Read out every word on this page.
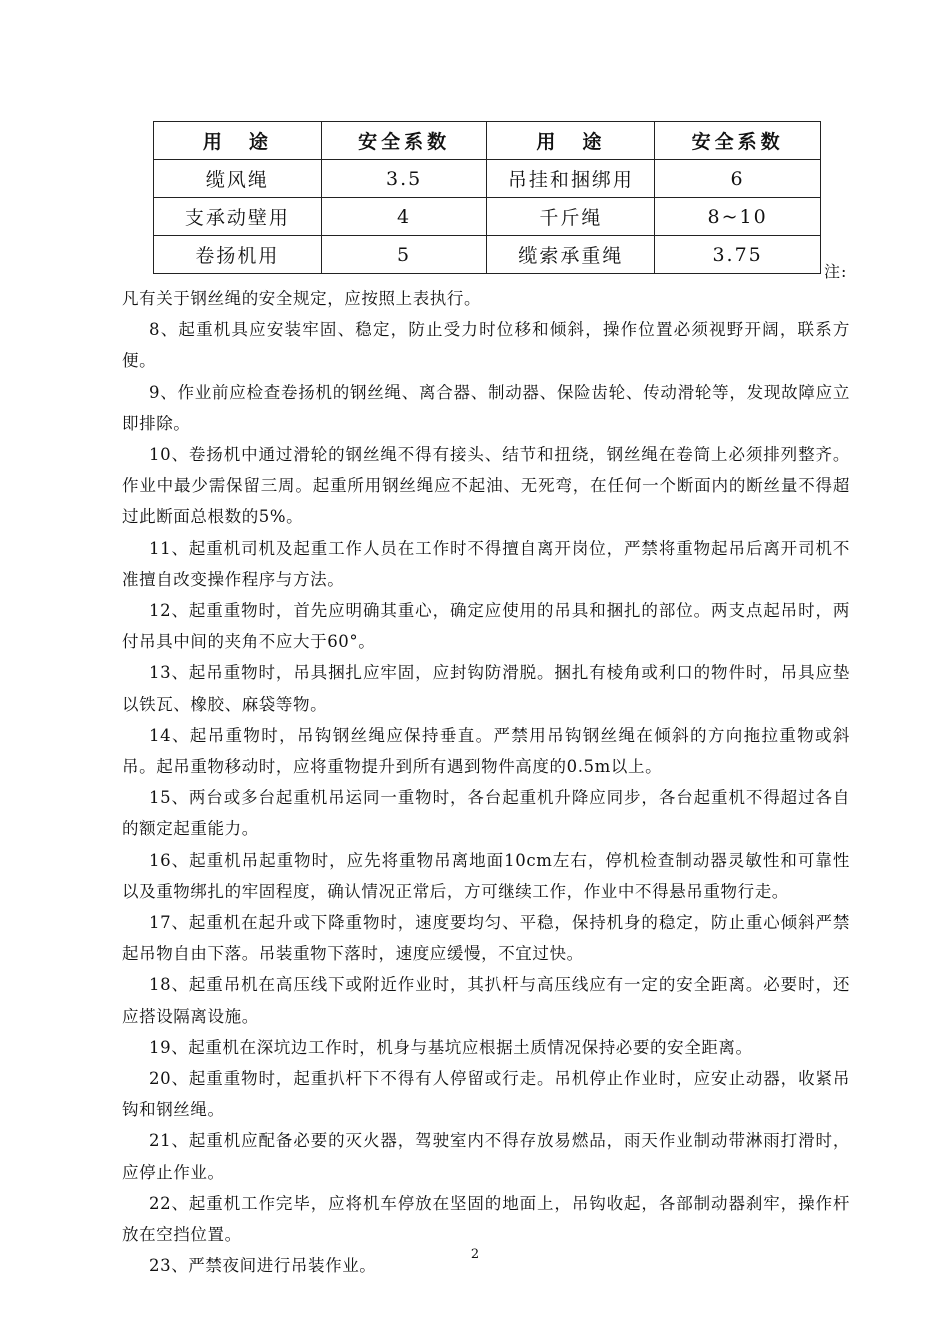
用　途	安全系数	用　途	安全系数
缆风绳	3.5	吊挂和捆绑用	6
支承动壁用	4	千斤绳	8~10
卷扬机用	5	缆索承重绳	3.75
注:

凡有关于钢丝绳的安全规定，应按照上表执行。

8、起重机具应安装牢固、稳定，防止受力时位移和倾斜，操作位置必须视野开阔，联系方便。

9、作业前应检查卷扬机的钢丝绳、离合器、制动器、保险齿轮、传动滑轮等，发现故障应立即排除。

10、卷扬机中通过滑轮的钢丝绳不得有接头、结节和扭绕，钢丝绳在卷筒上必须排列整齐。作业中最少需保留三周。起重所用钢丝绳应不起油、无死弯，在任何一个断面内的断丝量不得超过此断面总根数的5%。

11、起重机司机及起重工作人员在工作时不得擅自离开岗位，严禁将重物起吊后离开司机不准擅自改变操作程序与方法。

12、起重重物时，首先应明确其重心，确定应使用的吊具和捆扎的部位。两支点起吊时，两付吊具中间的夹角不应大于60°。

13、起吊重物时，吊具捆扎应牢固，应封钩防滑脱。捆扎有棱角或利口的物件时，吊具应垫以铁瓦、橡胶、麻袋等物。

14、起吊重物时，吊钩钢丝绳应保持垂直。严禁用吊钩钢丝绳在倾斜的方向拖拉重物或斜吊。起吊重物移动时，应将重物提升到所有遇到物件高度的0.5m以上。

15、两台或多台起重机吊运同一重物时，各台起重机升降应同步，各台起重机不得超过各自的额定起重能力。

16、起重机吊起重物时，应先将重物吊离地面10cm左右，停机检查制动器灵敏性和可靠性以及重物绑扎的牢固程度，确认情况正常后，方可继续工作，作业中不得悬吊重物行走。

17、起重机在起升或下降重物时，速度要均匀、平稳，保持机身的稳定，防止重心倾斜严禁起吊物自由下落。吊装重物下落时，速度应缓慢，不宜过快。

18、起重吊机在高压线下或附近作业时，其扒杆与高压线应有一定的安全距离。必要时，还应搭设隔离设施。

19、起重机在深坑边工作时，机身与基坑应根据土质情况保持必要的安全距离。

20、起重重物时，起重扒杆下不得有人停留或行走。吊机停止作业时，应安止动器，收紧吊钩和钢丝绳。

21、起重机应配备必要的灭火器，驾驶室内不得存放易燃品，雨天作业制动带淋雨打滑时，应停止作业。

22、起重机工作完毕，应将机车停放在坚固的地面上，吊钩收起，各部制动器刹牢，操作杆放在空挡位置。

23、严禁夜间进行吊装作业。

2
